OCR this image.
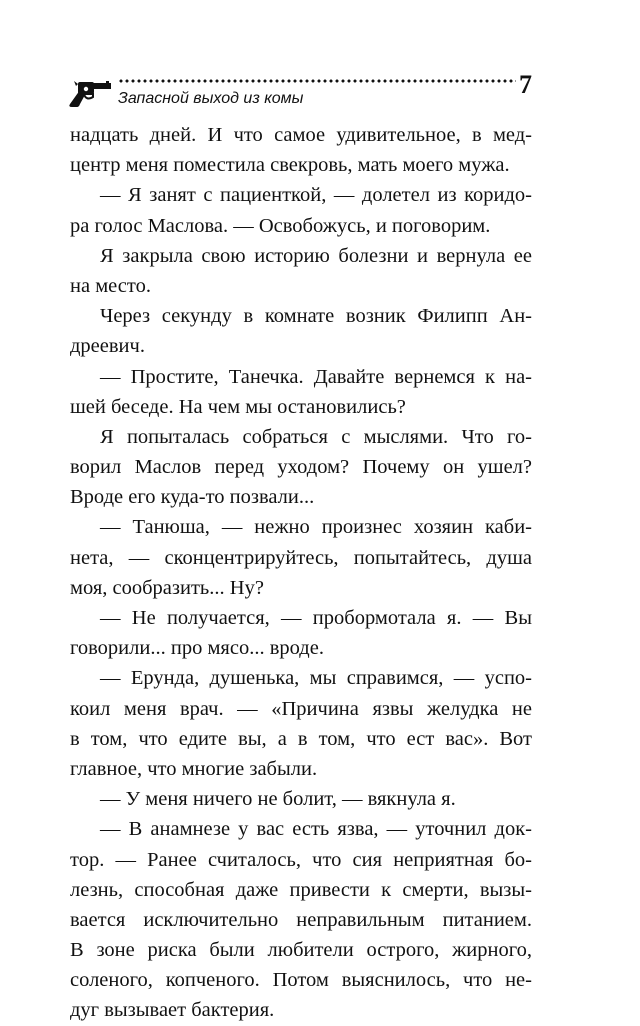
Запасной выход из комы	7
надцать дней. И что самое удивительное, в мед-
центр меня поместила свекровь, мать моего мужа.
— Я занят с пациенткой, — долетел из коридо-
ра голос Маслова. — Освобожусь, и поговорим.
Я закрыла свою историю болезни и вернула ее
на место.
Через секунду в комнате возник Филипп Ан-
дреевич.
— Простите, Танечка. Давайте вернемся к на-
шей беседе. На чем мы остановились?
Я попыталась собраться с мыслями. Что го-
ворил Маслов перед уходом? Почему он ушел?
Вроде его куда-то позвали...
— Танюша, — нежно произнес хозяин каби-
нета, — сконцентрируйтесь, попытайтесь, душа
моя, сообразить... Ну?
— Не получается, — пробормотала я. — Вы
говорили... про мясо... вроде.
— Ерунда, душенька, мы справимся, — успо-
коил меня врач. — «Причина язвы желудка не
в том, что едите вы, а в том, что ест вас». Вот
главное, что многие забыли.
— У меня ничего не болит, — вякнула я.
— В анамнезе у вас есть язва, — уточнил док-
тор. — Ранее считалось, что сия неприятная бо-
лезнь, способная даже привести к смерти, вызы-
вается исключительно неправильным питанием.
В зоне риска были любители острого, жирного,
соленого, копченого. Потом выяснилось, что не-
дуг вызывает бактерия.
